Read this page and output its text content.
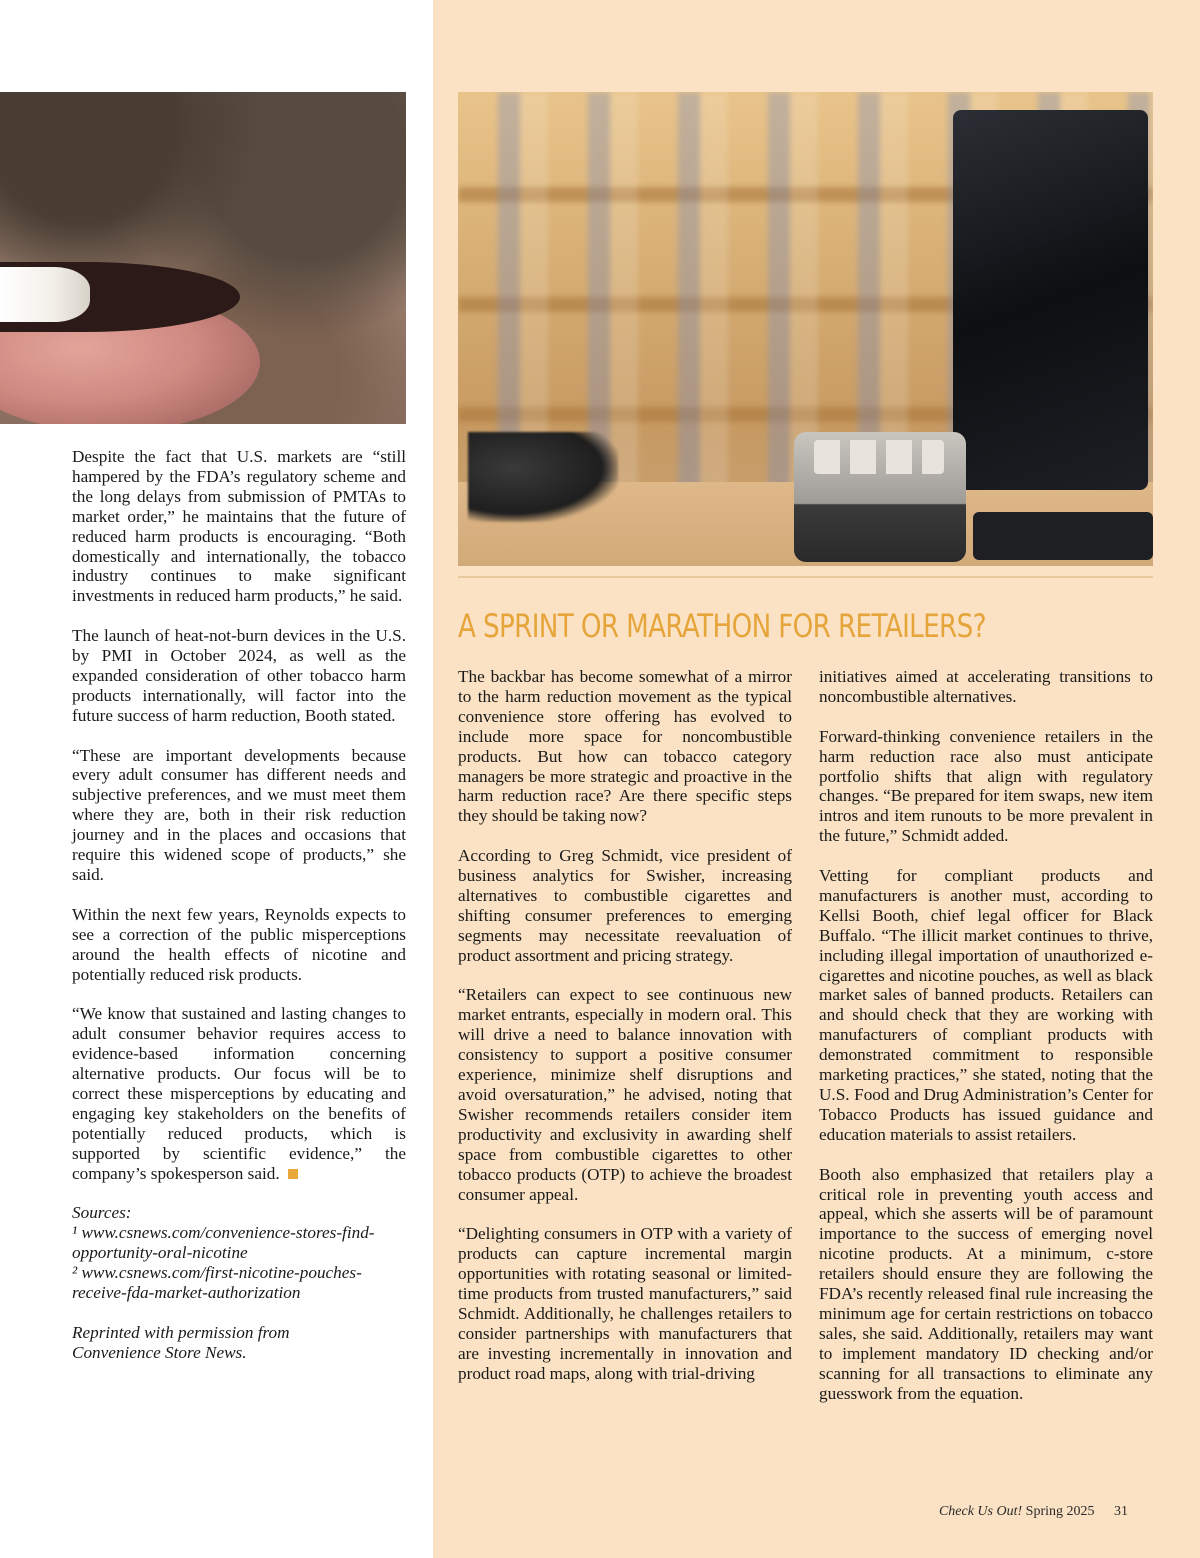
Despite the fact that U.S. markets are “still hampered by the FDA’s regulatory scheme and the long delays from submission of PMTAs to market order,” he maintains that the future of reduced harm products is encouraging. “Both domestically and internationally, the tobacco industry continues to make significant investments in reduced harm products,” he said.

The launch of heat-not-burn devices in the U.S. by PMI in October 2024, as well as the expanded consideration of other tobacco harm products internationally, will factor into the future success of harm reduction, Booth stated.

“These are important developments because every adult consumer has different needs and subjective preferences, and we must meet them where they are, both in their risk reduction journey and in the places and occasions that require this widened scope of products,” she said.

Within the next few years, Reynolds expects to see a correction of the public misperceptions around the health effects of nicotine and potentially reduced risk products.

“We know that sustained and lasting changes to adult consumer behavior requires access to evidence-based information concerning alternative products. Our focus will be to correct these misperceptions by educating and engaging key stakeholders on the benefits of potentially reduced products, which is supported by scientific evidence,” the company’s spokesperson said.

Sources:
¹ www.csnews.com/convenience-stores-find-opportunity-oral-nicotine
² www.csnews.com/first-nicotine-pouches-receive-fda-market-authorization

Reprinted with permission from
Convenience Store News.

A SPRINT OR MARATHON FOR RETAILERS?

The backbar has become somewhat of a mirror to the harm reduction movement as the typical convenience store offering has evolved to include more space for noncombustible products. But how can tobacco category managers be more strategic and proactive in the harm reduction race? Are there specific steps they should be taking now?

According to Greg Schmidt, vice president of business analytics for Swisher, increasing alternatives to combustible cigarettes and shifting consumer preferences to emerging segments may necessitate reevaluation of product assortment and pricing strategy.

“Retailers can expect to see continuous new market entrants, especially in modern oral. This will drive a need to balance innovation with consistency to support a positive consumer experience, minimize shelf disruptions and avoid oversaturation,” he advised, noting that Swisher recommends retailers consider item productivity and exclusivity in awarding shelf space from combustible cigarettes to other tobacco products (OTP) to achieve the broadest consumer appeal.

“Delighting consumers in OTP with a variety of products can capture incremental margin opportunities with rotating seasonal or limited-time products from trusted manufacturers,” said Schmidt. Additionally, he challenges retailers to consider partnerships with manufacturers that are investing incrementally in innovation and product road maps, along with trial-driving

initiatives aimed at accelerating transitions to noncombustible alternatives.

Forward-thinking convenience retailers in the harm reduction race also must anticipate portfolio shifts that align with regulatory changes. “Be prepared for item swaps, new item intros and item runouts to be more prevalent in the future,” Schmidt added.

Vetting for compliant products and manufacturers is another must, according to Kellsi Booth, chief legal officer for Black Buffalo. “The illicit market continues to thrive, including illegal importation of unauthorized e-cigarettes and nicotine pouches, as well as black market sales of banned products. Retailers can and should check that they are working with manufacturers of compliant products with demonstrated commitment to responsible marketing practices,” she stated, noting that the U.S. Food and Drug Administration’s Center for Tobacco Products has issued guidance and education materials to assist retailers.

Booth also emphasized that retailers play a critical role in preventing youth access and appeal, which she asserts will be of paramount importance to the success of emerging novel nicotine products. At a minimum, c-store retailers should ensure they are following the FDA’s recently released final rule increasing the minimum age for certain restrictions on tobacco sales, she said. Additionally, retailers may want to implement mandatory ID checking and/or scanning for all transactions to eliminate any guesswork from the equation.

Check Us Out! Spring 2025 31
